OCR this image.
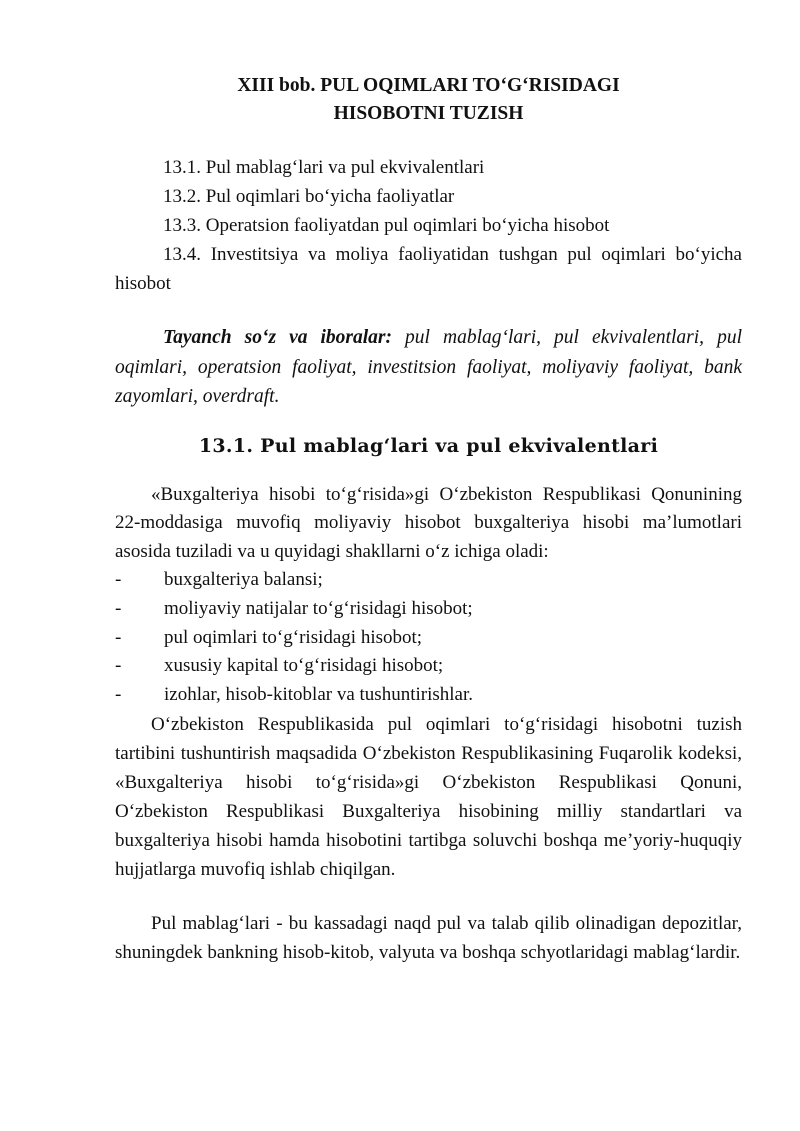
XIII bob. PUL OQIMLARI TO‘G‘RISIDAGI
HISOBOTNI TUZISH
13.1. Pul mablag‘lari va pul ekvivalentlari
13.2. Pul oqimlari bo‘yicha faoliyatlar
13.3. Operatsion faoliyatdan pul oqimlari bo‘yicha hisobot
13.4. Investitsiya va moliya faoliyatidan tushgan pul oqimlari bo‘yicha hisobot
Tayanch so‘z va iboralar: pul mablag‘lari, pul ekvivalentlari, pul oqimlari, operatsion faoliyat, investitsion faoliyat, moliyaviy faoliyat, bank zayomlari, overdraft.
13.1. Pul mablag‘lari va pul ekvivalentlari

«Buxgalteriya hisobi to‘g‘risida»gi O‘zbekiston Respublikasi Qonunining 22-moddasiga muvofiq moliyaviy hisobot buxgalteriya hisobi ma’lumotlari asosida tuziladi va u quyidagi shakllarni o‘z ichiga oladi:

- buxgalteriya balansi;
- moliyaviy natijalar to‘g‘risidagi hisobot;
- pul oqimlari to‘g‘risidagi hisobot;
- xususiy kapital to‘g‘risidagi hisobot;
- izohlar, hisob-kitoblar va tushuntirishlar.

O‘zbekiston Respublikasida pul oqimlari to‘g‘risidagi hisobotni tuzish tartibini tushuntirish maqsadida O‘zbekiston Respublikasining Fuqarolik kodeksi, «Buxgalteriya hisobi to‘g‘risida»gi O‘zbekiston Respublikasi Qonuni, O‘zbekiston Respublikasi Buxgalteriya hisobining milliy standartlari va buxgalteriya hisobi hamda hisobotini tartibga soluvchi boshqa me’yoriy-huquqiy hujjatlarga muvofiq ishlab chiqilgan.

Pul mablag‘lari - bu kassadagi naqd pul va talab qilib olinadigan depozitlar, shuningdek bankning hisob-kitob, valyuta va boshqa schyotlaridagi mablag‘lardir.
